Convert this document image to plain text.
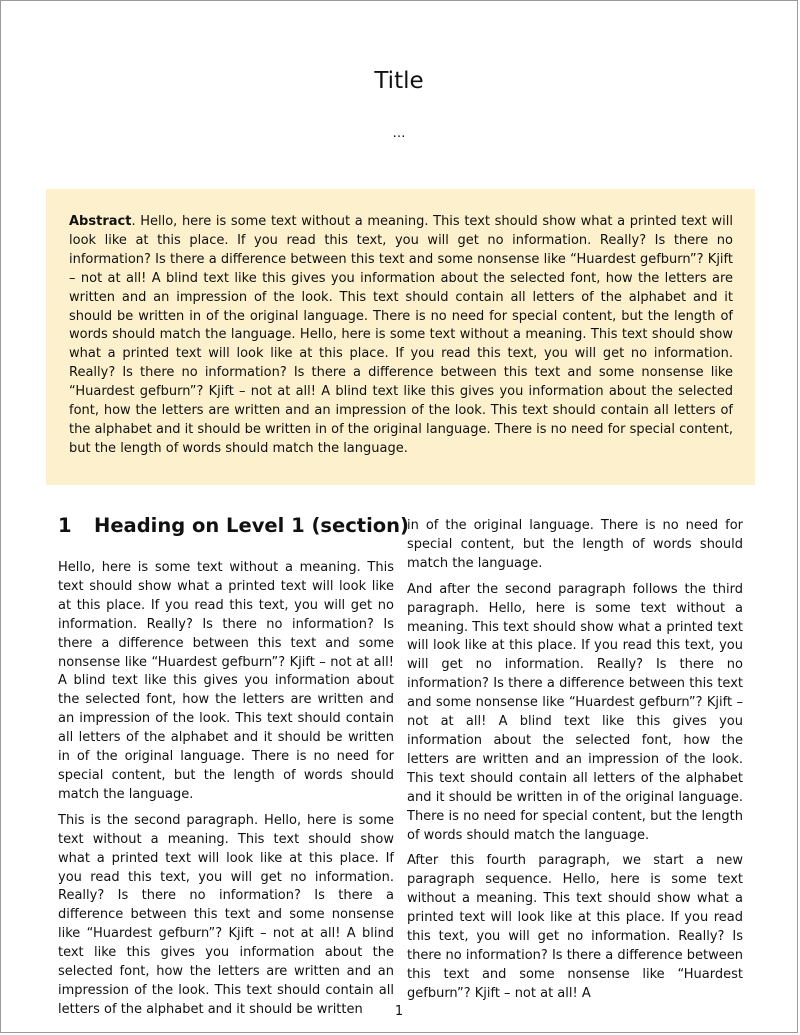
Title
…
Abstract. Hello, here is some text without a meaning. This text should show what a printed text will look like at this place. If you read this text, you will get no information. Really? Is there no information? Is there a difference between this text and some nonsense like “Huardest gefburn”? Kjift – not at all! A blind text like this gives you information about the selected font, how the letters are written and an impression of the look. This text should contain all letters of the alphabet and it should be written in of the original language. There is no need for special content, but the length of words should match the language. Hello, here is some text without a meaning. This text should show what a printed text will look like at this place. If you read this text, you will get no information. Really? Is there no information? Is there a difference between this text and some nonsense like “Huardest gefburn”? Kjift – not at all! A blind text like this gives you information about the selected font, how the letters are written and an impression of the look. This text should contain all letters of the alphabet and it should be written in of the original language. There is no need for special content, but the length of words should match the language.
1 Heading on Level 1 (section)

Hello, here is some text without a meaning. This text should show what a printed text will look like at this place. If you read this text, you will get no information. Really? Is there no information? Is there a difference between this text and some nonsense like “Huardest gefburn”? Kjift – not at all! A blind text like this gives you information about the selected font, how the letters are written and an impression of the look. This text should contain all letters of the alphabet and it should be written in of the original language. There is no need for special content, but the length of words should match the language.

This is the second paragraph. Hello, here is some text without a meaning. This text should show what a printed text will look like at this place. If you read this text, you will get no information. Really? Is there no information? Is there a difference between this text and some nonsense like “Huardest gefburn”? Kjift – not at all! A blind text like this gives you information about the selected font, how the letters are written and an impression of the look. This text should contain all letters of the alphabet and it should be written

in of the original language. There is no need for special content, but the length of words should match the language.

And after the second paragraph follows the third paragraph. Hello, here is some text without a meaning. This text should show what a printed text will look like at this place. If you read this text, you will get no information. Really? Is there no information? Is there a difference between this text and some nonsense like “Huardest gefburn”? Kjift – not at all! A blind text like this gives you information about the selected font, how the letters are written and an impression of the look. This text should contain all letters of the alphabet and it should be written in of the original language. There is no need for special content, but the length of words should match the language.

After this fourth paragraph, we start a new paragraph sequence. Hello, here is some text without a meaning. This text should show what a printed text will look like at this place. If you read this text, you will get no information. Really? Is there no information? Is there a difference between this text and some nonsense like “Huardest gefburn”? Kjift – not at all! A

1
